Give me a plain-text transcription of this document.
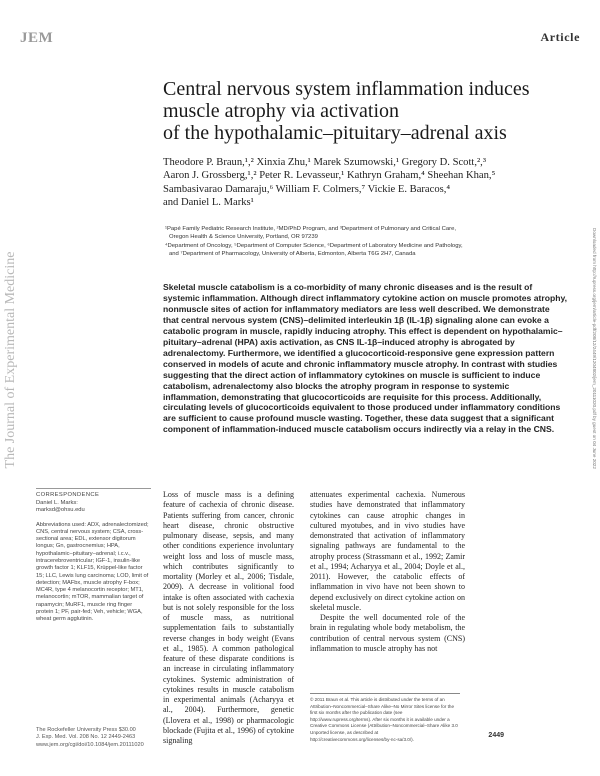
JEM	Article
The Journal of Experimental Medicine	Downloaded from http://rupress.org/jem/article-pdf/208/12/2449/1204802/jem_20111020.pdf by guest on 04 June 2022
Central nervous system inflammation induces
muscle atrophy via activation
of the hypothalamic–pituitary–adrenal axis
Theodore P. Braun,¹,² Xinxia Zhu,¹ Marek Szumowski,¹ Gregory D. Scott,²,³
Aaron J. Grossberg,¹,² Peter R. Levasseur,¹ Kathryn Graham,⁴ Sheehan Khan,⁵
Sambasivarao Damaraju,⁶ William F. Colmers,⁷ Vickie E. Baracos,⁴
and Daniel L. Marks¹
¹Papé Family Pediatric Research Institute, ²MD/PhD Program, and ³Department of Pulmonary and Critical Care,
Oregon Health & Science University, Portland, OR 97239
⁴Department of Oncology, ⁵Department of Computer Science, ⁶Department of Laboratory Medicine and Pathology,
and ⁷Department of Pharmacology, University of Alberta, Edmonton, Alberta T6G 2H7, Canada

Skeletal muscle catabolism is a co-morbidity of many chronic diseases and is the result of systemic inflammation. Although direct inflammatory cytokine action on muscle promotes atrophy, nonmuscle sites of action for inflammatory mediators are less well described. We demonstrate that central nervous system (CNS)–delimited interleukin 1β (IL-1β) signaling alone can evoke a catabolic program in muscle, rapidly inducing atrophy. This effect is dependent on hypothalamic–pituitary–adrenal (HPA) axis activation, as CNS IL-1β–induced atrophy is abrogated by adrenalectomy. Furthermore, we identified a glucocorticoid-responsive gene expression pattern conserved in models of acute and chronic inflammatory muscle atrophy. In contrast with studies suggesting that the direct action of inflammatory cytokines on muscle is sufficient to induce catabolism, adrenalectomy also blocks the atrophy program in response to systemic inflammation, demonstrating that glucocorticoids are requisite for this process. Additionally, circulating levels of glucocorticoids equivalent to those produced under inflammatory conditions are sufficient to cause profound muscle wasting. Together, these data suggest that a significant component of inflammation-induced muscle catabolism occurs indirectly via a relay in the CNS.

CORRESPONDENCE
Daniel L. Marks:
marksd@ohsu.edu
Abbreviations used: ADX, adrenalectomized; CNS, central nervous system; CSA, cross-sectional area; EDL, extensor digitorum longus; Gn, gastrocnemius; HPA, hypothalamic–pituitary–adrenal; i.c.v., intracerebroventricular; IGF-1, insulin-like growth factor 1; KLF15, Krüppel-like factor 15; LLC, Lewis lung carcinoma; LOD, limit of detection; MAFbx, muscle atrophy F-box; MC4R, type 4 melanocortin receptor; MT1, melanocortin; mTOR, mammalian target of rapamycin; MuRF1, muscle ring finger protein 1; PF, pair-fed; Veh, vehicle; WGA, wheat germ agglutinin.

Loss of muscle mass is a defining feature of cachexia of chronic disease. Patients suffering from cancer, chronic heart disease, chronic obstructive pulmonary disease, sepsis, and many other conditions experience involuntary weight loss and loss of muscle mass, which contributes significantly to mortality (Morley et al., 2006; Tisdale, 2009). A decrease in volitional food intake is often associated with cachexia but is not solely responsible for the loss of muscle mass, as nutritional supplementation fails to substantially reverse changes in body weight (Evans et al., 1985). A common pathological feature of these disparate conditions is an increase in circulating inflammatory cytokines. Systemic administration of cytokines results in muscle catabolism in experimental animals (Acharyya et al., 2004). Furthermore, genetic (Llovera et al., 1998) or pharmacologic blockade (Fujita et al., 1996) of cytokine signaling

attenuates experimental cachexia. Numerous studies have demonstrated that inflammatory cytokines can cause atrophic changes in cultured myotubes, and in vivo studies have demonstrated that activation of inflammatory signaling pathways are fundamental to the atrophy process (Strassmann et al., 1992; Zamir et al., 1994; Acharyya et al., 2004; Doyle et al., 2011). However, the catabolic effects of inflammation in vivo have not been shown to depend exclusively on direct cytokine action on skeletal muscle.

Despite the well documented role of the brain in regulating whole body metabolism, the contribution of central nervous system (CNS) inflammation to muscle atrophy has not

© 2011 Braun et al. This article is distributed under the terms of an Attribution–Noncommercial–Share Alike–No Mirror Sites license for the first six months after the publication date (see http://www.rupress.org/terms). After six months it is available under a Creative Commons License (Attribution–Noncommercial–Share Alike 3.0 Unported license, as described at http://creativecommons.org/licenses/by-nc-sa/3.0/).
The Rockefeller University Press $30.00
J. Exp. Med. Vol. 208 No. 12 2449-2463
www.jem.org/cgi/doi/10.1084/jem.20111020
2449
